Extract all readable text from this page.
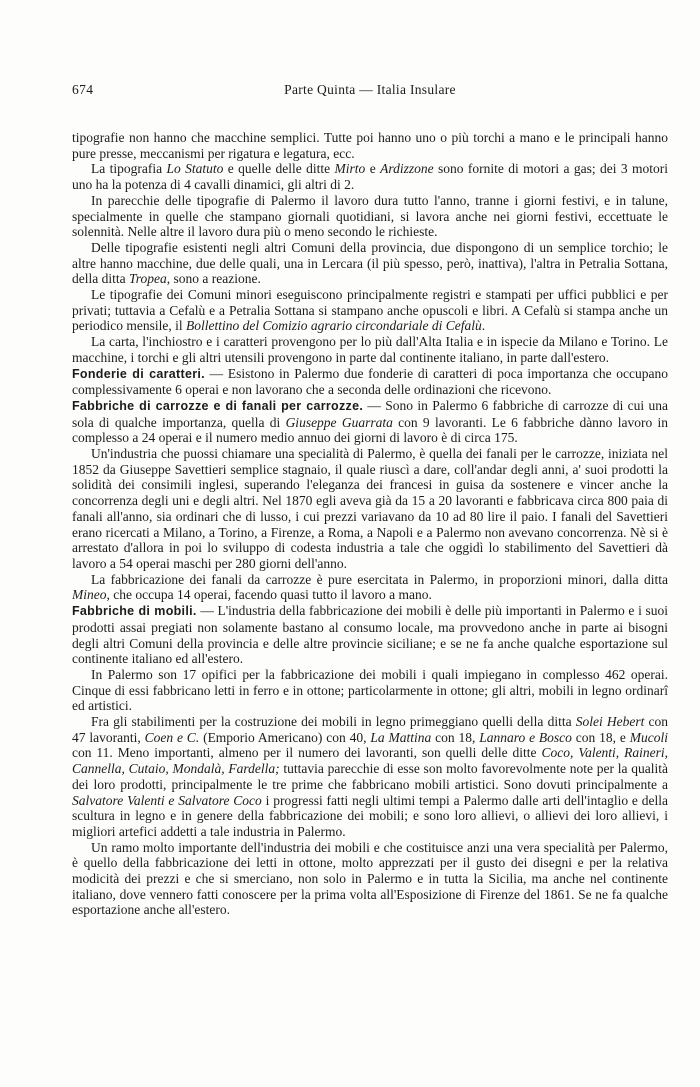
674	Parte Quinta — Italia Insulare

tipografie non hanno che macchine semplici. Tutte poi hanno uno o più torchi a mano e le principali hanno pure presse, meccanismi per rigatura e legatura, ecc.

La tipografia Lo Statuto e quelle delle ditte Mirto e Ardizzone sono fornite di motori a gas; dei 3 motori uno ha la potenza di 4 cavalli dinamici, gli altri di 2.

In parecchie delle tipografie di Palermo il lavoro dura tutto l'anno, tranne i giorni festivi, e in talune, specialmente in quelle che stampano giornali quotidiani, si lavora anche nei giorni festivi, eccettuate le solennità. Nelle altre il lavoro dura più o meno secondo le richieste.

Delle tipografie esistenti negli altri Comuni della provincia, due dispongono di un semplice torchio; le altre hanno macchine, due delle quali, una in Lercara (il più spesso, però, inattiva), l'altra in Petralia Sottana, della ditta Tropea, sono a reazione.

Le tipografie dei Comuni minori eseguiscono principalmente registri e stampati per uffici pubblici e per privati; tuttavia a Cefalù e a Petralia Sottana si stampano anche opuscoli e libri. A Cefalù si stampa anche un periodico mensile, il Bollettino del Comizio agrario circondariale di Cefalù.

La carta, l'inchiostro e i caratteri provengono per lo più dall'Alta Italia e in ispecie da Milano e Torino. Le macchine, i torchi e gli altri utensili provengono in parte dal continente italiano, in parte dall'estero.

Fonderie di caratteri. — Esistono in Palermo due fonderie di caratteri di poca importanza che occupano complessivamente 6 operai e non lavorano che a seconda delle ordinazioni che ricevono.

Fabbriche di carrozze e di fanali per carrozze. — Sono in Palermo 6 fabbriche di carrozze di cui una sola di qualche importanza, quella di Giuseppe Guarrata con 9 lavoranti. Le 6 fabbriche dànno lavoro in complesso a 24 operai e il numero medio annuo dei giorni di lavoro è di circa 175.

Un'industria che puossi chiamare una specialità di Palermo, è quella dei fanali per le carrozze, iniziata nel 1852 da Giuseppe Savettieri semplice stagnaio, il quale riuscì a dare, coll'andar degli anni, a' suoi prodotti la solidità dei consimili inglesi, superando l'eleganza dei francesi in guisa da sostenere e vincer anche la concorrenza degli uni e degli altri. Nel 1870 egli aveva già da 15 a 20 lavoranti e fabbricava circa 800 paia di fanali all'anno, sia ordinari che di lusso, i cui prezzi variavano da 10 ad 80 lire il paio. I fanali del Savettieri erano ricercati a Milano, a Torino, a Firenze, a Roma, a Napoli e a Palermo non avevano concorrenza. Nè si è arrestato d'allora in poi lo sviluppo di codesta industria a tale che oggidì lo stabilimento del Savettieri dà lavoro a 54 operai maschi per 280 giorni dell'anno.

La fabbricazione dei fanali da carrozze è pure esercitata in Palermo, in proporzioni minori, dalla ditta Mineo, che occupa 14 operai, facendo quasi tutto il lavoro a mano.

Fabbriche di mobili. — L'industria della fabbricazione dei mobili è delle più importanti in Palermo e i suoi prodotti assai pregiati non solamente bastano al consumo locale, ma provvedono anche in parte ai bisogni degli altri Comuni della provincia e delle altre provincie siciliane; e se ne fa anche qualche esportazione sul continente italiano ed all'estero.

In Palermo son 17 opifici per la fabbricazione dei mobili i quali impiegano in complesso 462 operai. Cinque di essi fabbricano letti in ferro e in ottone; particolarmente in ottone; gli altri, mobili in legno ordinarî ed artistici.

Fra gli stabilimenti per la costruzione dei mobili in legno primeggiano quelli della ditta Solei Hebert con 47 lavoranti, Coen e C. (Emporio Americano) con 40, La Mattina con 18, Lannaro e Bosco con 18, e Mucoli con 11. Meno importanti, almeno per il numero dei lavoranti, son quelli delle ditte Coco, Valenti, Raineri, Cannella, Cutaio, Mondalà, Fardella; tuttavia parecchie di esse son molto favorevolmente note per la qualità dei loro prodotti, principalmente le tre prime che fabbricano mobili artistici. Sono dovuti principalmente a Salvatore Valenti e Salvatore Coco i progressi fatti negli ultimi tempi a Palermo dalle arti dell'intaglio e della scultura in legno e in genere della fabbricazione dei mobili; e sono loro allievi, o allievi dei loro allievi, i migliori artefici addetti a tale industria in Palermo.

Un ramo molto importante dell'industria dei mobili e che costituisce anzi una vera specialità per Palermo, è quello della fabbricazione dei letti in ottone, molto apprezzati per il gusto dei disegni e per la relativa modicità dei prezzi e che si smerciano, non solo in Palermo e in tutta la Sicilia, ma anche nel continente italiano, dove vennero fatti conoscere per la prima volta all'Esposizione di Firenze del 1861. Se ne fa qualche esportazione anche all'estero.
